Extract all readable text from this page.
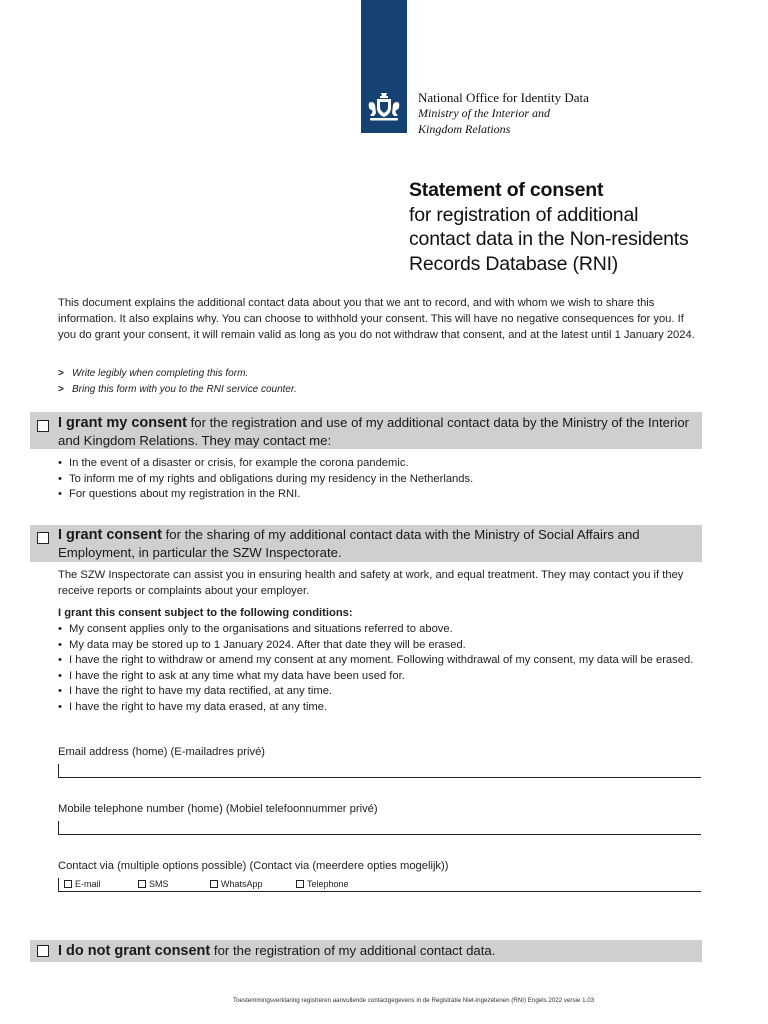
National Office for Identity Data
Ministry of the Interior and
Kingdom Relations
Statement of consent
for registration of additional
contact data in the Non-residents
Records Database (RNI)

This document explains the additional contact data about you that we ant to record, and with whom we wish to share this information. It also explains why. You can choose to withhold your consent. This will have no negative consequences for you. If you do grant your consent, it will remain valid as long as you do not withdraw that consent, and at the latest until 1 January 2024.

> Write legibly when completing this form.
> Bring this form with you to the RNI service counter.
I grant my consent for the registration and use of my additional contact data by the Ministry of the Interior and Kingdom Relations. They may contact me:
• In the event of a disaster or crisis, for example the corona pandemic.
• To inform me of my rights and obligations during my residency in the Netherlands.
• For questions about my registration in the RNI.
I grant consent for the sharing of my additional contact data with the Ministry of Social Affairs and Employment, in particular the SZW Inspectorate.

The SZW Inspectorate can assist you in ensuring health and safety at work, and equal treatment. They may contact you if they receive reports or complaints about your employer.

I grant this consent subject to the following conditions:

• My consent applies only to the organisations and situations referred to above.
• My data may be stored up to 1 January 2024. After that date they will be erased.
• I have the right to withdraw or amend my consent at any moment. Following withdrawal of my consent, my data will be erased.
• I have the right to ask at any time what my data have been used for.
• I have the right to have my data rectified, at any time.
• I have the right to have my data erased, at any time.
Email address (home) (E-mailadres privé)
Mobile telephone number (home) (Mobiel telefoonnummer privé)
Contact via (multiple options possible) (Contact via (meerdere opties mogelijk))
E-mail	SMS	WhatsApp	Telephone
I do not grant consent for the registration of my additional contact data.
Toestemmingsverklaring registreren aanvullende contactgegevens in de Registratie Niet-ingezetenen (RNI) Engels 2022 versie 1.03
